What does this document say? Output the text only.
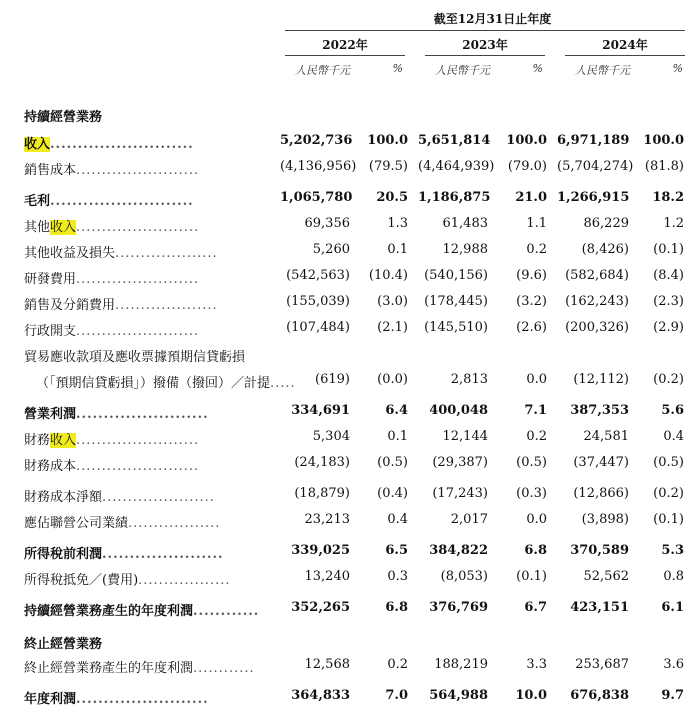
截至12月31日止年度
2022年	2023年	2024年
人民幣千元	%	人民幣千元	%	人民幣千元	%
持續經營業務
終止經營業務
收入..........................	5,202,736	100.0 5,651,814	100.0 6,971,189	100.0
銷售成本........................	(4,136,956) (79.5) (4,464,939)	(79.0) (5,704,274) (81.8)
毛利..........................	1,065,780	20.5 1,186,875	21.0 1,266,915	18.2
其他收入........................	69,356	1.3	61,483	1.1	86,229	1.2
其他收益及損失....................	5,260	0.1	12,988	0.2	(8,426)	(0.1)
研發費用........................	(542,563)	(10.4)	(540,156)	(9.6)	(582,684)	(8.4)
銷售及分銷費用....................	(155,039)	(3.0)	(178,445)	(3.2)	(162,243)	(2.3)
行政開支........................	(107,484)	(2.1)	(145,510)	(2.6)	(200,326)	(2.9)
貿易應收款項及應收票據預期信貸虧損
（「預期信貸虧損」）撥備（撥回）／計提.....	(619)	(0.0)	2,813	0.0	(12,112)	(0.2)
營業利潤........................	334,691	6.4	400,048	7.1	387,353	5.6
財務收入........................	5,304	0.1	12,144	0.2	24,581	0.4
財務成本........................	(24,183)	(0.5)	(29,387)	(0.5)	(37,447)	(0.5)
財務成本淨額......................	(18,879)	(0.4)	(17,243)	(0.3)	(12,866)	(0.2)
應佔聯營公司業績..................	23,213	0.4	2,017	0.0	(3,898)	(0.1)
所得稅前利潤......................	339,025	6.5	384,822	6.8	370,589	5.3
所得稅抵免／(費用)..................	13,240	0.3	(8,053)	(0.1)	52,562	0.8
持續經營業務產生的年度利潤............	352,265	6.8	376,769	6.7	423,151	6.1
終止經營業務產生的年度利潤............	12,568	0.2	188,219	3.3	253,687	3.6
年度利潤........................	364,833	7.0	564,988	10.0	676,838	9.7
